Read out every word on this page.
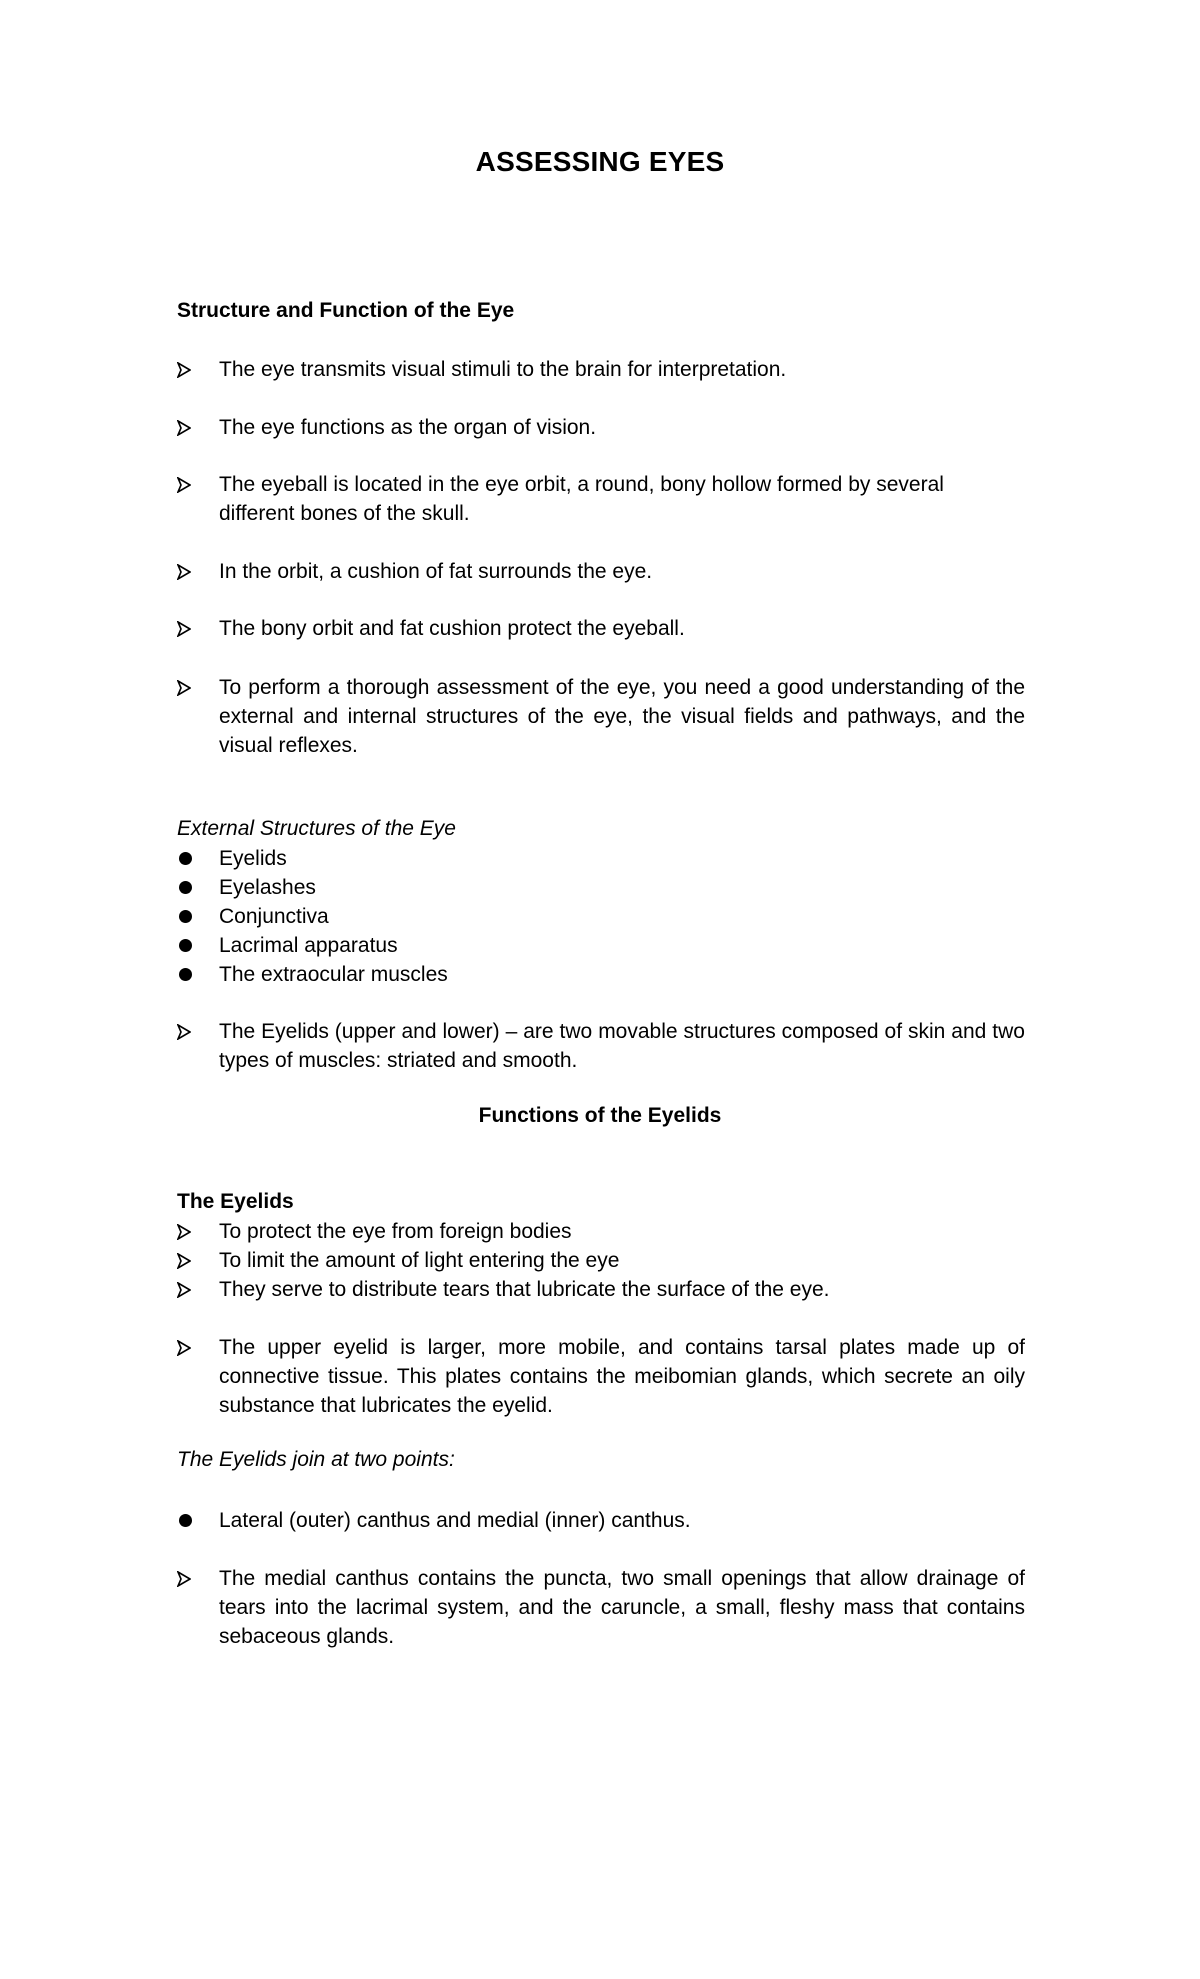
ASSESSING EYES
Structure and Function of the Eye
The eye transmits visual stimuli to the brain for interpretation.
The eye functions as the organ of vision.
The eyeball is located in the eye orbit, a round, bony hollow formed by several different bones of the skull.
In the orbit, a cushion of fat surrounds the eye.
The bony orbit and fat cushion protect the eyeball.
To perform a thorough assessment of the eye, you need a good understanding of the external and internal structures of the eye, the visual fields and pathways, and the visual reflexes.
External Structures of the Eye
Eyelids
Eyelashes
Conjunctiva
Lacrimal apparatus
The extraocular muscles
The Eyelids (upper and lower) – are two movable structures composed of skin and two types of muscles: striated and smooth.
Functions of the Eyelids
The Eyelids
To protect the eye from foreign bodies
To limit the amount of light entering the eye
They serve to distribute tears that lubricate the surface of the eye.
The upper eyelid is larger, more mobile, and contains tarsal plates made up of connective tissue. This plates contains the meibomian glands, which secrete an oily substance that lubricates the eyelid.
The Eyelids join at two points:
Lateral (outer) canthus and medial (inner) canthus.
The medial canthus contains the puncta, two small openings that allow drainage of tears into the lacrimal system, and the caruncle, a small, fleshy mass that contains sebaceous glands.
